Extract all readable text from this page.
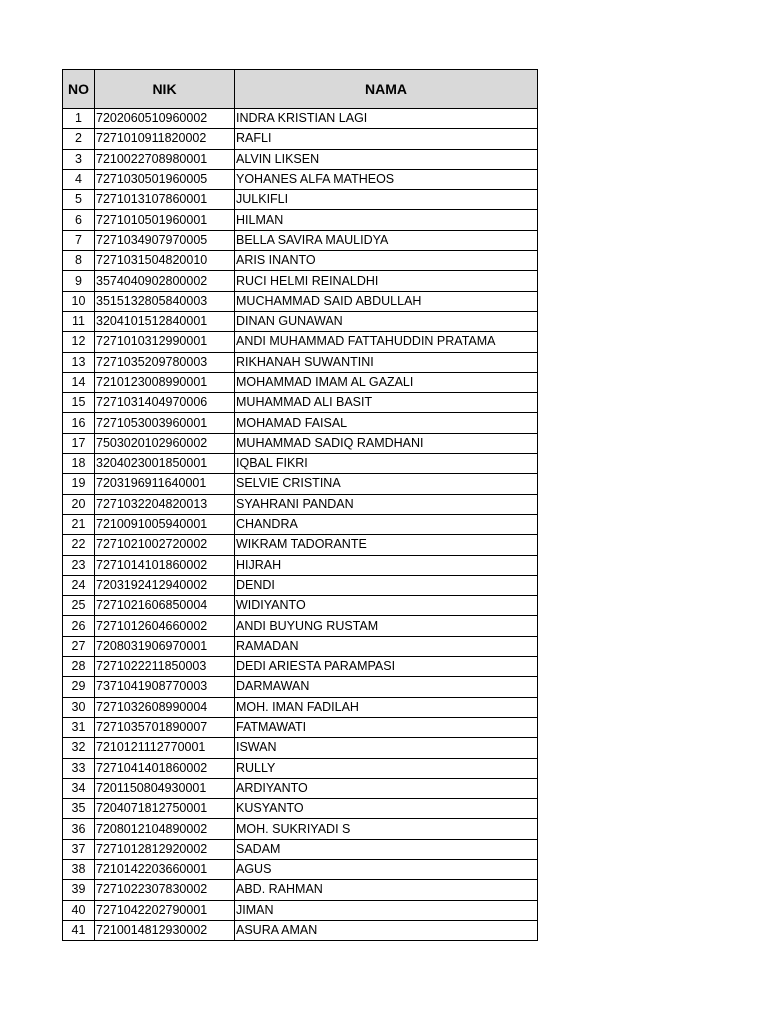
NO	NIK	NAMA
1	7202060510960002	INDRA KRISTIAN LAGI
2	7271010911820002	RAFLI
3	7210022708980001	ALVIN LIKSEN
4	7271030501960005	YOHANES ALFA MATHEOS
5	7271013107860001	JULKIFLI
6	7271010501960001	HILMAN
7	7271034907970005	BELLA SAVIRA MAULIDYA
8	7271031504820010	ARIS INANTO
9	3574040902800002	RUCI HELMI REINALDHI
10	3515132805840003	MUCHAMMAD SAID ABDULLAH
11	3204101512840001	DINAN GUNAWAN
12	7271010312990001	ANDI MUHAMMAD FATTAHUDDIN PRATAMA
13	7271035209780003	RIKHANAH SUWANTINI
14	7210123008990001	MOHAMMAD IMAM AL GAZALI
15	7271031404970006	MUHAMMAD ALI BASIT
16	7271053003960001	MOHAMAD FAISAL
17	7503020102960002	MUHAMMAD SADIQ RAMDHANI
18	3204023001850001	IQBAL FIKRI
19	7203196911640001	SELVIE CRISTINA
20	7271032204820013	SYAHRANI PANDAN
21	7210091005940001	CHANDRA
22	7271021002720002	WIKRAM TADORANTE
23	7271014101860002	HIJRAH
24	7203192412940002	DENDI
25	7271021606850004	WIDIYANTO
26	7271012604660002	ANDI BUYUNG RUSTAM
27	7208031906970001	RAMADAN
28	7271022211850003	DEDI ARIESTA PARAMPASI
29	7371041908770003	DARMAWAN
30	7271032608990004	MOH. IMAN FADILAH
31	7271035701890007	FATMAWATI
32	7210121112770001	ISWAN
33	7271041401860002	RULLY
34	7201150804930001	ARDIYANTO
35	7204071812750001	KUSYANTO
36	7208012104890002	MOH. SUKRIYADI S
37	7271012812920002	SADAM
38	7210142203660001	AGUS
39	7271022307830002	ABD. RAHMAN
40	7271042202790001	JIMAN
41	7210014812930002	ASURA AMAN
